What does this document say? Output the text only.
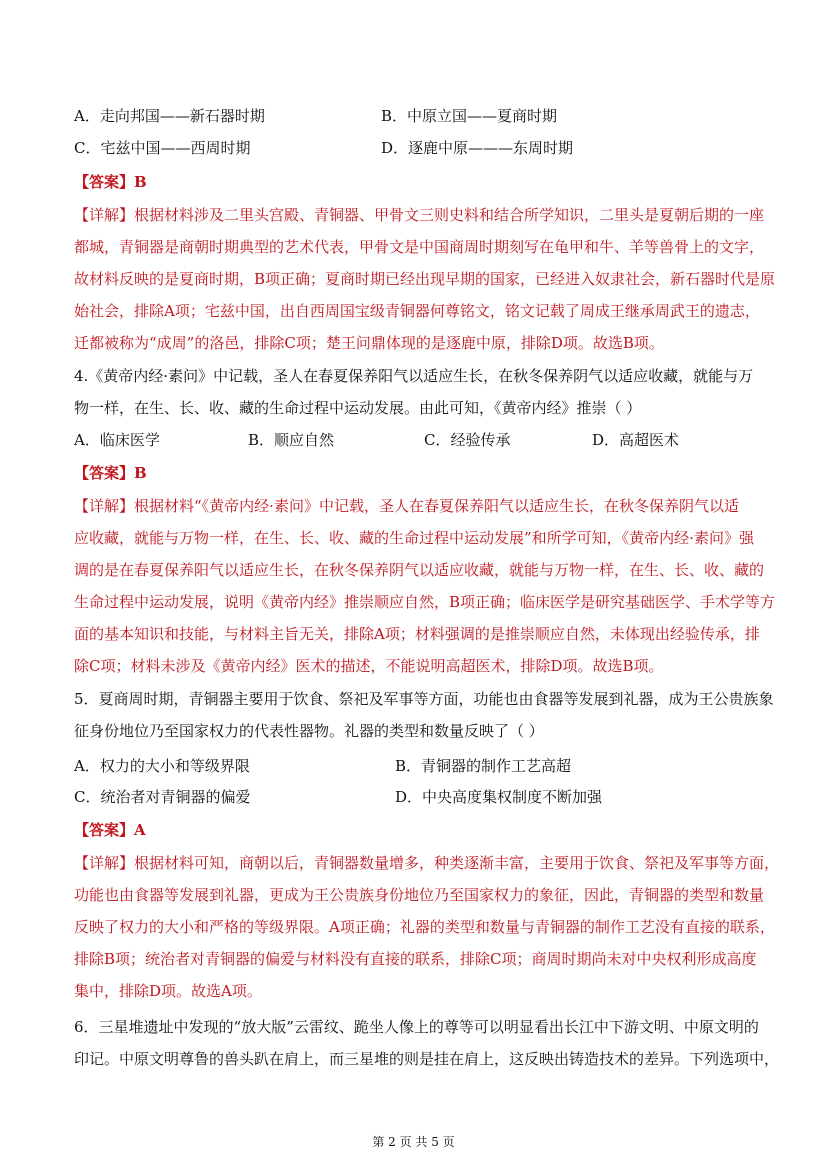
A．走向邦国——新石器时期	B．中原立国——夏商时期
C．宅兹中国——西周时期	D．逐鹿中原———东周时期
【答案】B
【详解】根据材料涉及二里头宫殿、青铜器、甲骨文三则史料和结合所学知识，二里头是夏朝后期的一座
都城，青铜器是商朝时期典型的艺术代表，甲骨文是中国商周时期刻写在龟甲和牛、羊等兽骨上的文字，
故材料反映的是夏商时期，B项正确；夏商时期已经出现早期的国家，已经进入奴隶社会，新石器时代是原
始社会，排除A项；宅兹中国，出自西周国宝级青铜器何尊铭文，铭文记载了周成王继承周武王的遗志，
迁都被称为“成周”的洛邑，排除C项；楚王问鼎体现的是逐鹿中原，排除D项。故选B项。
4.《黄帝内经·素问》中记载，圣人在春夏保养阳气以适应生长，在秋冬保养阴气以适应收藏，就能与万
物一样，在生、长、收、藏的生命过程中运动发展。由此可知，《黄帝内经》推崇（ ）
A．临床医学	B．顺应自然	C．经验传承	D．高超医术
【答案】B
【详解】根据材料“《黄帝内经·素问》中记载，圣人在春夏保养阳气以适应生长，在秋冬保养阴气以适
应收藏，就能与万物一样，在生、长、收、藏的生命过程中运动发展”和所学可知，《黄帝内经·素问》强
调的是在春夏保养阳气以适应生长，在秋冬保养阴气以适应收藏，就能与万物一样，在生、长、收、藏的
生命过程中运动发展，说明《黄帝内经》推崇顺应自然，B项正确；临床医学是研究基础医学、手术学等方
面的基本知识和技能，与材料主旨无关，排除A项；材料强调的是推崇顺应自然，未体现出经验传承，排
除C项；材料未涉及《黄帝内经》医术的描述，不能说明高超医术，排除D项。故选B项。
5．夏商周时期，青铜器主要用于饮食、祭祀及军事等方面，功能也由食器等发展到礼器，成为王公贵族象
征身份地位乃至国家权力的代表性器物。礼器的类型和数量反映了（ ）
A．权力的大小和等级界限	B．青铜器的制作工艺高超
C．统治者对青铜器的偏爱	D．中央高度集权制度不断加强
【答案】A
【详解】根据材料可知，商朝以后，青铜器数量增多，种类逐渐丰富，主要用于饮食、祭祀及军事等方面，
功能也由食器等发展到礼器，更成为王公贵族身份地位乃至国家权力的象征，因此，青铜器的类型和数量
反映了权力的大小和严格的等级界限。A项正确；礼器的类型和数量与青铜器的制作工艺没有直接的联系，
排除B项；统治者对青铜器的偏爱与材料没有直接的联系，排除C项；商周时期尚未对中央权利形成高度
集中，排除D项。故选A项。
6．三星堆遗址中发现的“放大版”云雷纹、跪坐人像上的尊等可以明显看出长江中下游文明、中原文明的
印记。中原文明尊鲁的兽头趴在肩上，而三星堆的则是挂在肩上，这反映出铸造技术的差异。下列选项中，
第 2 页 共 5 页
